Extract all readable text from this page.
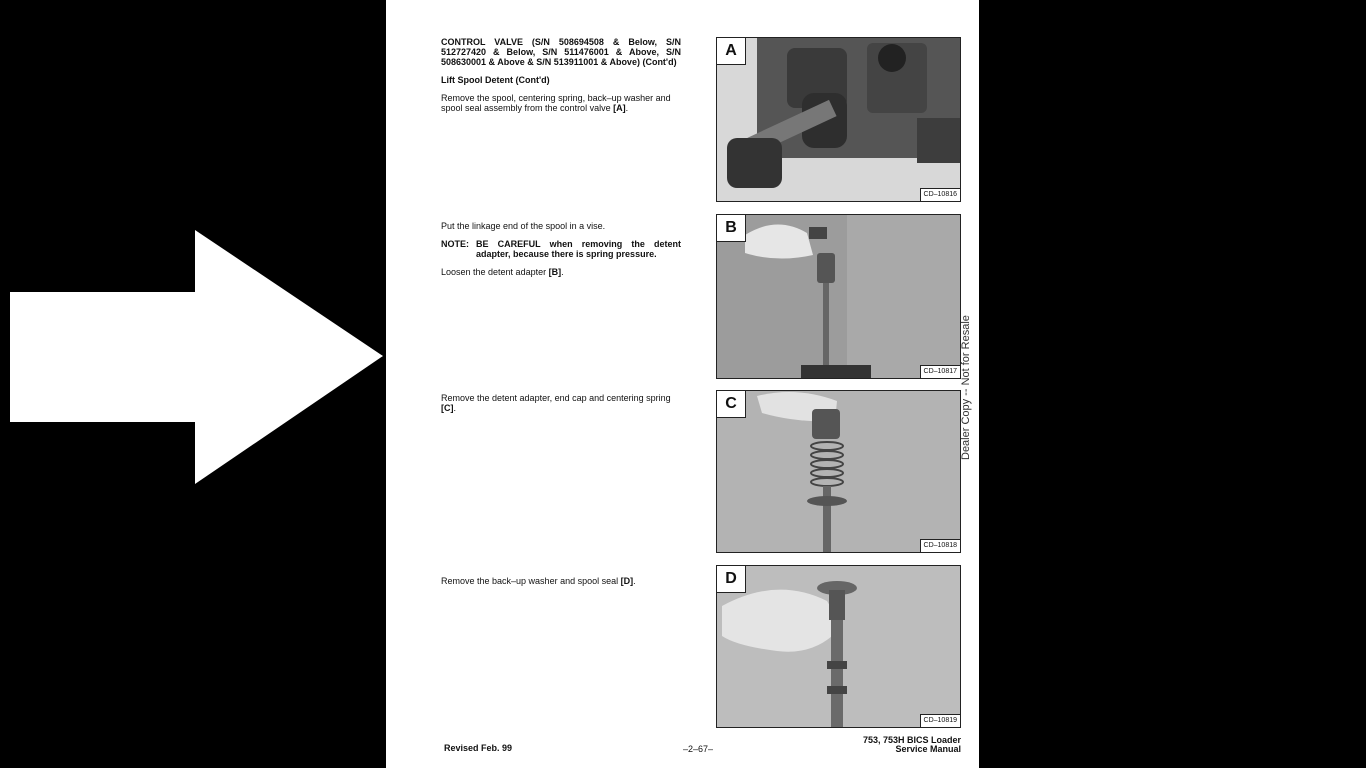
CONTROL VALVE (S/N 508694508 & Below, S/N 512727420 & Below, S/N 511476001 & Above, S/N 508630001 & Above & S/N 513911001 & Above) (Cont'd)

Lift Spool Detent (Cont'd)

Remove the spool, centering spring, back–up washer and spool seal assembly from the control valve [A].

Put the linkage end of the spool in a vise.

NOTE: BE CAREFUL when removing the detent adapter, because there is spring pressure.

Loosen the detent adapter [B].

Remove the detent adapter, end cap and centering spring [C].

Remove the back–up washer and spool seal [D].

A
CD–10816
B
CD–10817
C
CD–10818
D
CD–10819
Dealer Copy -- Not for Resale
Revised Feb. 99	–2–67–
753, 753H BICS Loader
Service Manual
